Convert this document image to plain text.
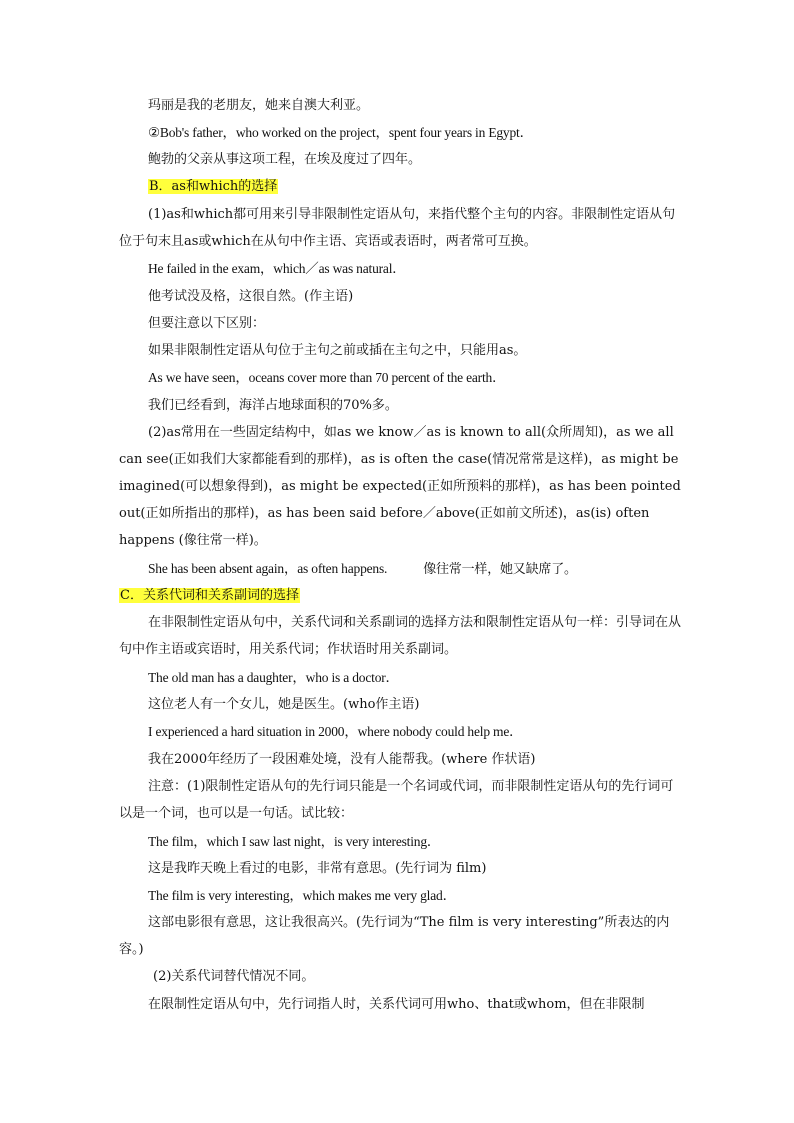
玛丽是我的老朋友，她来自澳大利亚。
②Bob's father，who worked on the project，spent four years in Egypt．
鲍勃的父亲从事这项工程，在埃及度过了四年。
B．as和which的选择
(1)as和which都可用来引导非限制性定语从句，来指代整个主句的内容。非限制性定语从句位于句末且as或which在从句中作主语、宾语或表语时，两者常可互换。
He failed in the exam，which／as was natural．
他考试没及格，这很自然。(作主语)
但要注意以下区别：
如果非限制性定语从句位于主句之前或插在主句之中，只能用as。
As we have seen，oceans cover more than 70 percent of the earth．
我们已经看到，海洋占地球面积的70%多。
(2)as常用在一些固定结构中，如as we know／as is known to all(众所周知)，as we all can see(正如我们大家都能看到的那样)，as is often the case(情况常常是这样)，as might be imagined(可以想象得到)，as might be expected(正如所预料的那样)，as has been pointed out(正如所指出的那样)，as has been said before／above(正如前文所述)，as(is) often happens (像往常一样)。
She has been absent again，as often happens.	像往常一样，她又缺席了。
C．关系代词和关系副词的选择
在非限制性定语从句中，关系代词和关系副词的选择方法和限制性定语从句一样：引导词在从句中作主语或宾语时，用关系代词；作状语时用关系副词。
The old man has a daughter，who is a doctor．
这位老人有一个女儿，她是医生。(who作主语)
I experienced a hard situation in 2000，where nobody could help me．
我在2000年经历了一段困难处境，没有人能帮我。(where 作状语)
注意：(1)限制性定语从句的先行词只能是一个名词或代词，而非限制性定语从句的先行词可以是一个词，也可以是一句话。试比较：
The film，which I saw last night，is very interesting．
这是我昨天晚上看过的电影，非常有意思。(先行词为 film)
The film is very interesting，which makes me very glad．
这部电影很有意思，这让我很高兴。(先行词为“The film is very interesting”所表达的内容。)
(2)关系代词替代情况不同。
在限制性定语从句中，先行词指人时，关系代词可用who、that或whom，但在非限制
